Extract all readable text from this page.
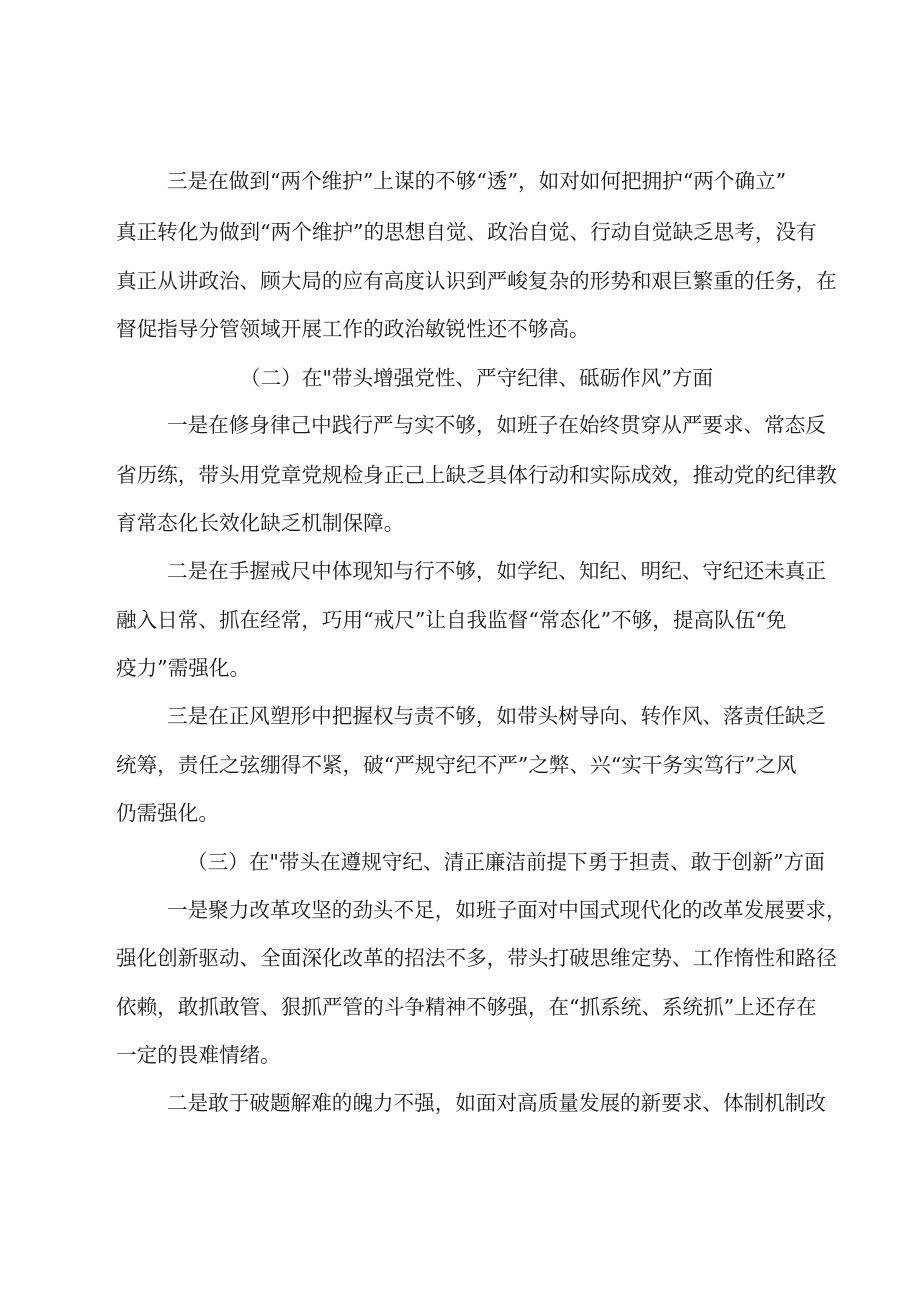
三是在做到“两个维护”上谋的不够“透”，如对如何把拥护“两个确立”
真正转化为做到“两个维护”的思想自觉、政治自觉、行动自觉缺乏思考，没有
真正从讲政治、顾大局的应有高度认识到严峻复杂的形势和艰巨繁重的任务，在
督促指导分管领域开展工作的政治敏锐性还不够高。
（二）在"带头增强党性、严守纪律、砥砺作风”方面
一是在修身律己中践行严与实不够，如班子在始终贯穿从严要求、常态反
省历练，带头用党章党规检身正己上缺乏具体行动和实际成效，推动党的纪律教
育常态化长效化缺乏机制保障。
二是在手握戒尺中体现知与行不够，如学纪、知纪、明纪、守纪还未真正
融入日常、抓在经常，巧用“戒尺”让自我监督“常态化”不够，提高队伍“免
疫力”需强化。
三是在正风塑形中把握权与责不够，如带头树导向、转作风、落责任缺乏
统筹，责任之弦绷得不紧，破“严规守纪不严”之弊、兴“实干务实笃行”之风
仍需强化。
（三）在"带头在遵规守纪、清正廉洁前提下勇于担责、敢于创新”方面
一是聚力改革攻坚的劲头不足，如班子面对中国式现代化的改革发展要求，
强化创新驱动、全面深化改革的招法不多，带头打破思维定势、工作惰性和路径
依赖，敢抓敢管、狠抓严管的斗争精神不够强，在“抓系统、系统抓”上还存在
一定的畏难情绪。
二是敢于破题解难的魄力不强，如面对高质量发展的新要求、体制机制改
